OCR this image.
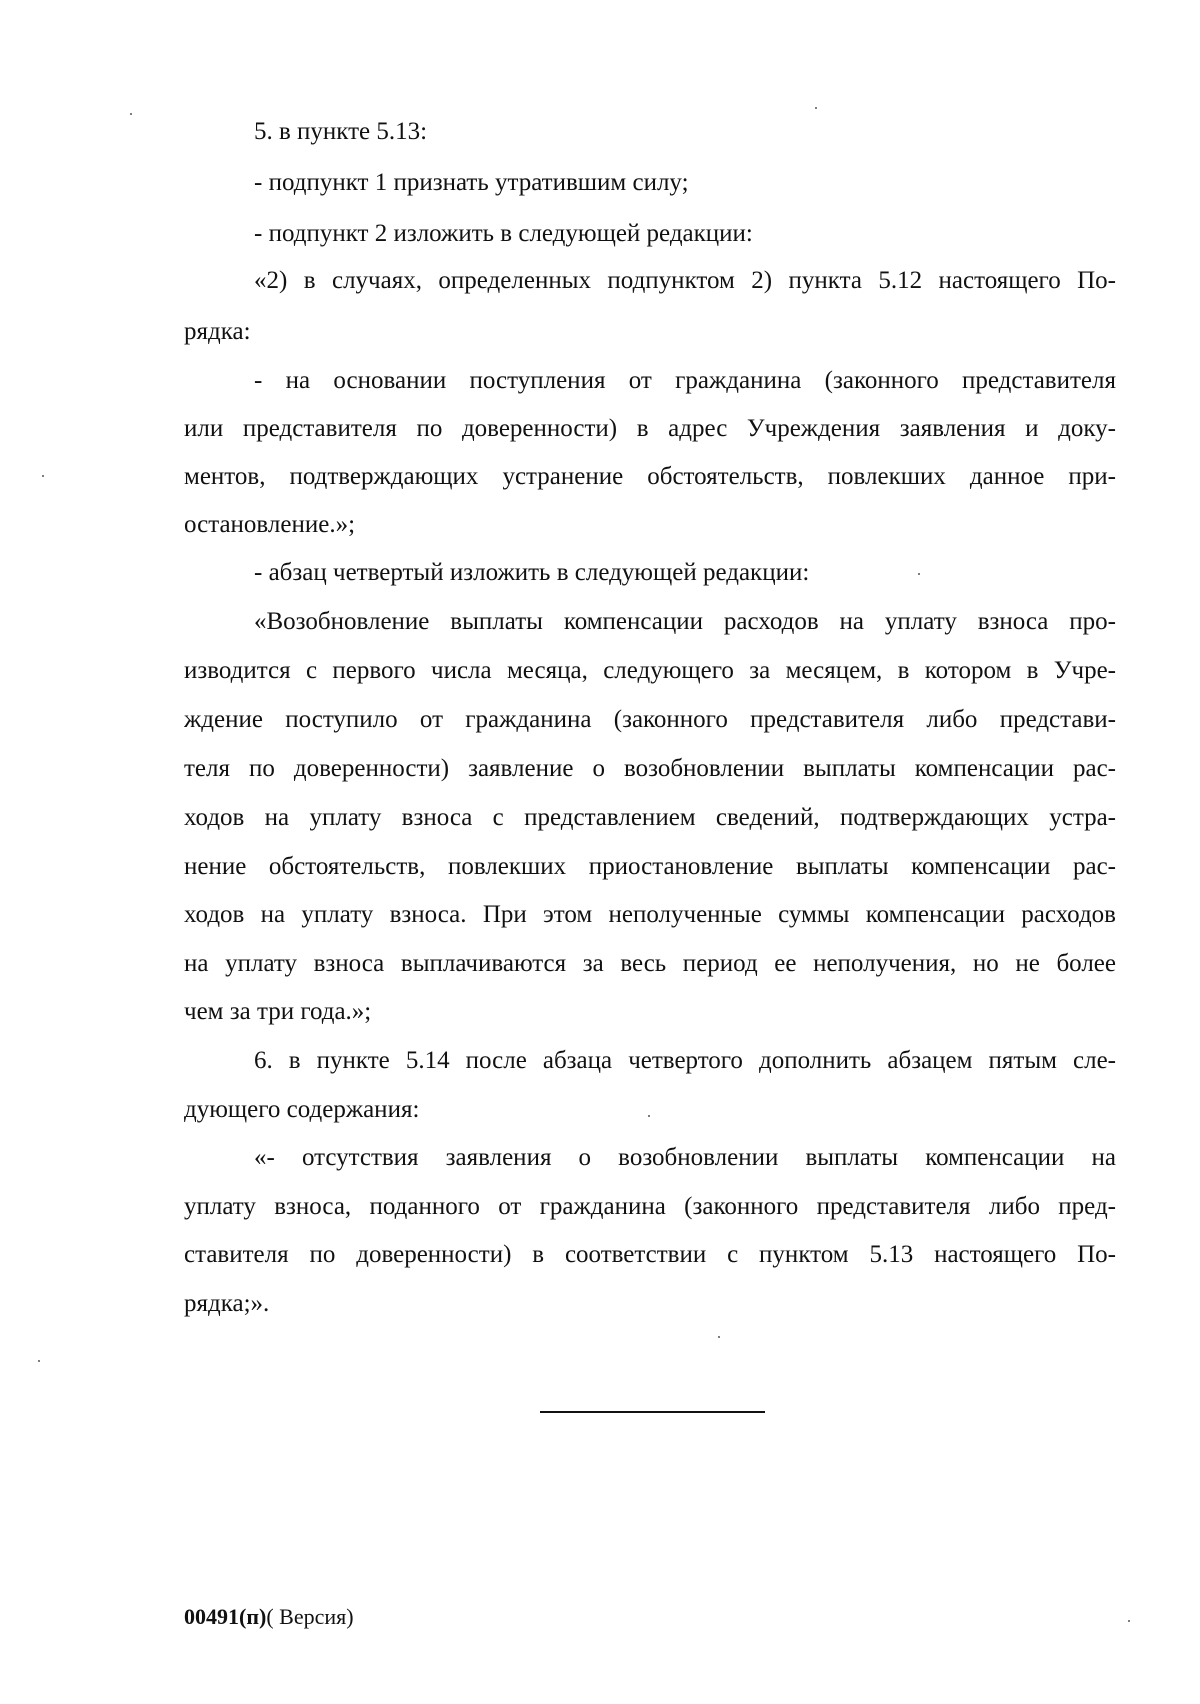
5. в пункте 5.13:
- подпункт 1 признать утратившим силу;
- подпункт 2 изложить в следующей редакции:
«2) в случаях, определенных подпунктом 2) пункта 5.12 настоящего По-
рядка:
- на основании поступления от гражданина (законного представителя
или представителя по доверенности) в адрес Учреждения заявления и доку-
ментов, подтверждающих устранение обстоятельств, повлекших данное при-
остановление.»;
- абзац четвертый изложить в следующей редакции:
«Возобновление выплаты компенсации расходов на уплату взноса про-
изводится с первого числа месяца, следующего за месяцем, в котором в Учре-
ждение поступило от гражданина (законного представителя либо представи-
теля по доверенности) заявление о возобновлении выплаты компенсации рас-
ходов на уплату взноса с представлением сведений, подтверждающих устра-
нение обстоятельств, повлекших приостановление выплаты компенсации рас-
ходов на уплату взноса. При этом неполученные суммы компенсации расходов
на уплату взноса выплачиваются за весь период ее неполучения, но не более
чем за три года.»;
6. в пункте 5.14 после абзаца четвертого дополнить абзацем пятым сле-
дующего содержания:
«- отсутствия заявления о возобновлении выплаты компенсации на
уплату взноса, поданного от гражданина (законного представителя либо пред-
ставителя по доверенности) в соответствии с пунктом 5.13 настоящего По-
рядка;».
00491(п)( Версия)
